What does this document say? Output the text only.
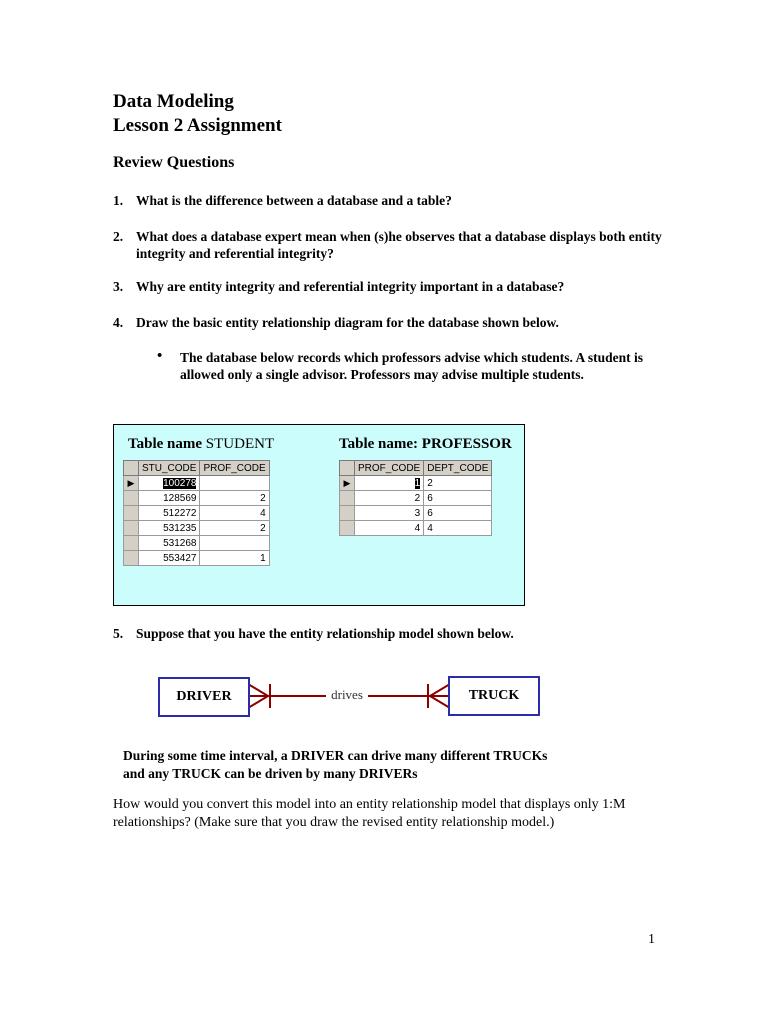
Data Modeling
Lesson 2 Assignment
Review Questions
1. What is the difference between a database and a table?
2. What does a database expert mean when (s)he observes that a database displays both entity integrity and referential integrity?
3. Why are entity integrity and referential integrity important in a database?
4. Draw the basic entity relationship diagram for the database shown below.
• The database below records which professors advise which students. A student is allowed only a single advisor. Professors may advise multiple students.
Table name STUDENT	Table name: PROFESSOR
	STU_CODE	PROF_CODE
▶	100278	
	128569	2
	512272	4
	531235	2
	531268	
	553427	1
	PROF_CODE	DEPT_CODE
▶	1	2
	2	6
	3	6
	4	4
5. Suppose that you have the entity relationship model shown below.
DRIVER	drives	TRUCK
During some time interval, a DRIVER can drive many different TRUCKs
and any TRUCK can be driven by many DRIVERs
How would you convert this model into an entity relationship model that displays only 1:M relationships? (Make sure that you draw the revised entity relationship model.)
1
